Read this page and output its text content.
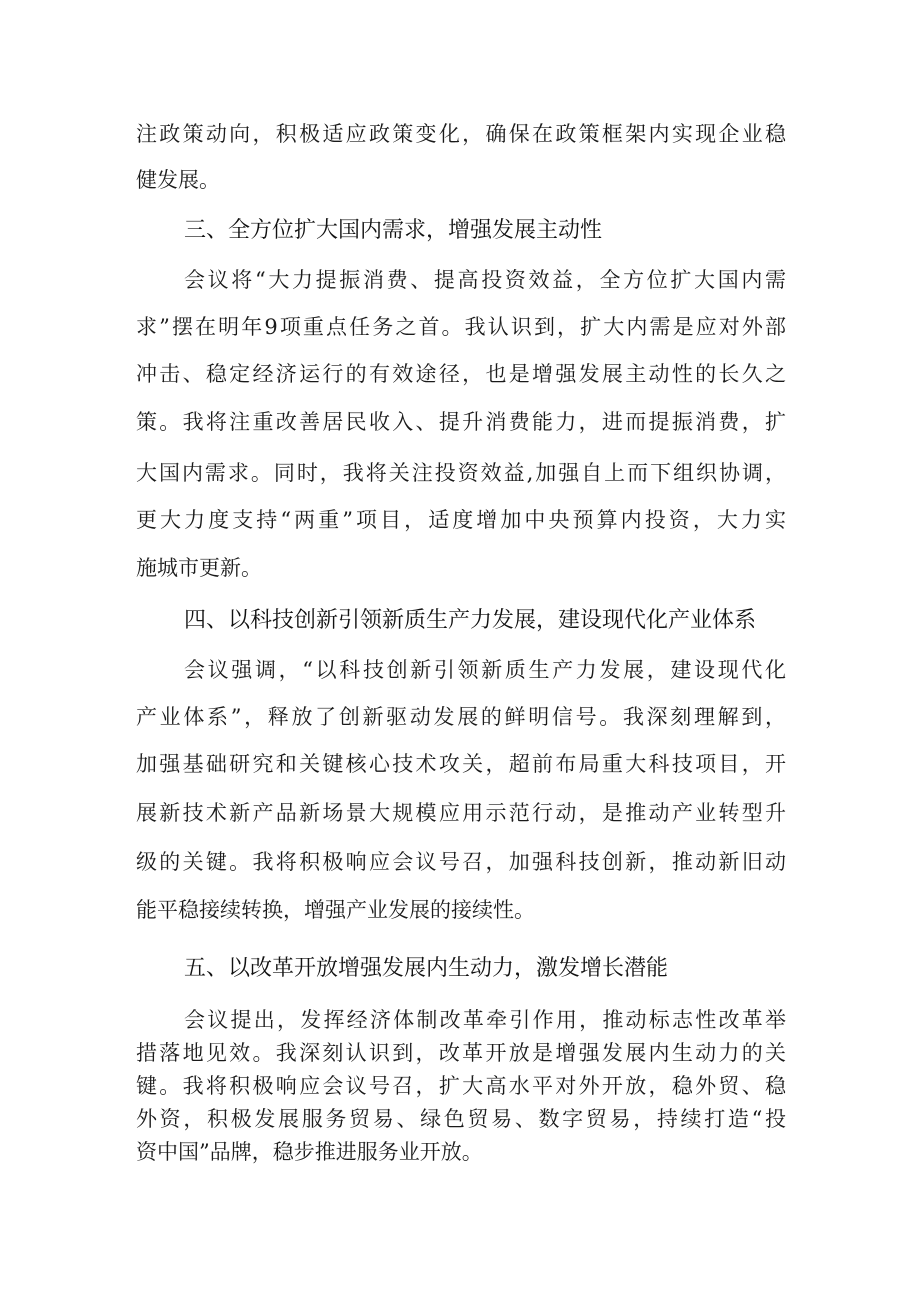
注政策动向，积极适应政策变化，确保在政策框架内实现企业稳
健发展。
三、全方位扩大国内需求，增强发展主动性
会议将“大力提振消费、提高投资效益，全方位扩大国内需
求”摆在明年9项重点任务之首。我认识到，扩大内需是应对外部
冲击、稳定经济运行的有效途径，也是增强发展主动性的长久之
策。我将注重改善居民收入、提升消费能力，进而提振消费，扩
大国内需求。同时，我将关注投资效益,加强自上而下组织协调，
更大力度支持“两重”项目，适度增加中央预算内投资，大力实
施城市更新。
四、以科技创新引领新质生产力发展，建设现代化产业体系
会议强调，“以科技创新引领新质生产力发展，建设现代化
产业体系”，释放了创新驱动发展的鲜明信号。我深刻理解到，
加强基础研究和关键核心技术攻关，超前布局重大科技项目，开
展新技术新产品新场景大规模应用示范行动，是推动产业转型升
级的关键。我将积极响应会议号召，加强科技创新，推动新旧动
能平稳接续转换，增强产业发展的接续性。
五、以改革开放增强发展内生动力，激发增长潜能
会议提出，发挥经济体制改革牵引作用，推动标志性改革举
措落地见效。我深刻认识到，改革开放是增强发展内生动力的关
键。我将积极响应会议号召，扩大高水平对外开放，稳外贸、稳
外资，积极发展服务贸易、绿色贸易、数字贸易，持续打造“投
资中国”品牌，稳步推进服务业开放。
